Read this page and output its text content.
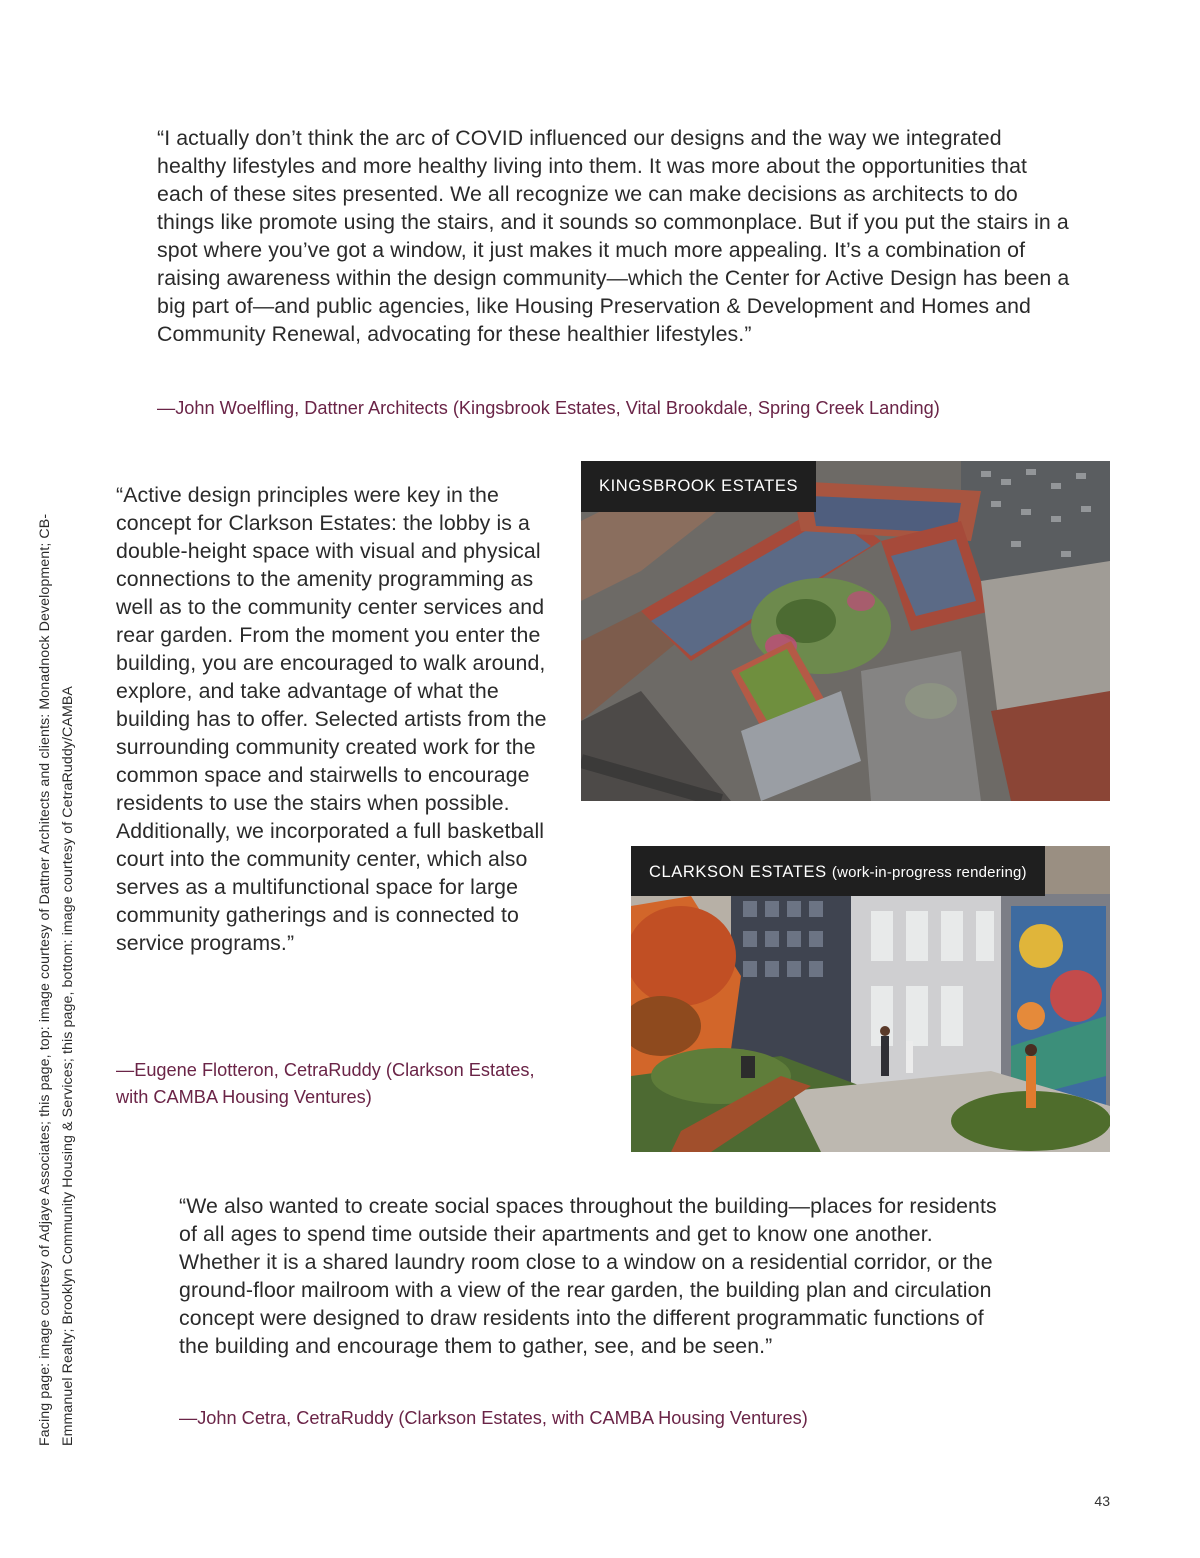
“I actually don’t think the arc of COVID influenced our designs and the way we integrated healthy lifestyles and more healthy living into them. It was more about the opportunities that each of these sites presented. We all recognize we can make decisions as architects to do things like promote using the stairs, and it sounds so commonplace. But if you put the stairs in a spot where you’ve got a window, it just makes it much more appealing. It’s a combination of raising awareness within the design community—which the Center for Active Design has been a big part of—and public agencies, like Housing Preservation & Development and Homes and Community Renewal, advocating for these healthier lifestyles.”

—John Woelfling, Dattner Architects (Kingsbrook Estates, Vital Brookdale, Spring Creek Landing)

“Active design principles were key in the concept for Clarkson Estates: the lobby is a double-height space with visual and physical connections to the amenity programming as well as to the community center services and rear garden. From the moment you enter the building, you are encouraged to walk around, explore, and take advantage of what the building has to offer. Selected artists from the surrounding community created work for the common space and stairwells to encourage residents to use the stairs when possible. Additionally, we incorporated a full basketball court into the community center, which also serves as a multifunctional space for large community gatherings and is connected to service programs.”

—Eugene Flotteron, CetraRuddy (Clarkson Estates, with CAMBA Housing Ventures)

KINGSBROOK ESTATES
CLARKSON ESTATES (work-in-progress rendering)

“We also wanted to create social spaces throughout the building—places for residents of all ages to spend time outside their apartments and get to know one another. Whether it is a shared laundry room close to a window on a residential corridor, or the ground-floor mailroom with a view of the rear garden, the building plan and circulation concept were designed to draw residents into the different programmatic functions of the building and encourage them to gather, see, and be seen.”

—John Cetra, CetraRuddy (Clarkson Estates, with CAMBA Housing Ventures)

Facing page: image courtesy of Adjaye Associates; this page, top: image courtesy of Dattner Architects and clients: Monadnock Development; CB-Emmanuel Realty; Brooklyn Community Housing & Services; this page, bottom: image courtesy of CetraRuddy/CAMBA
43
